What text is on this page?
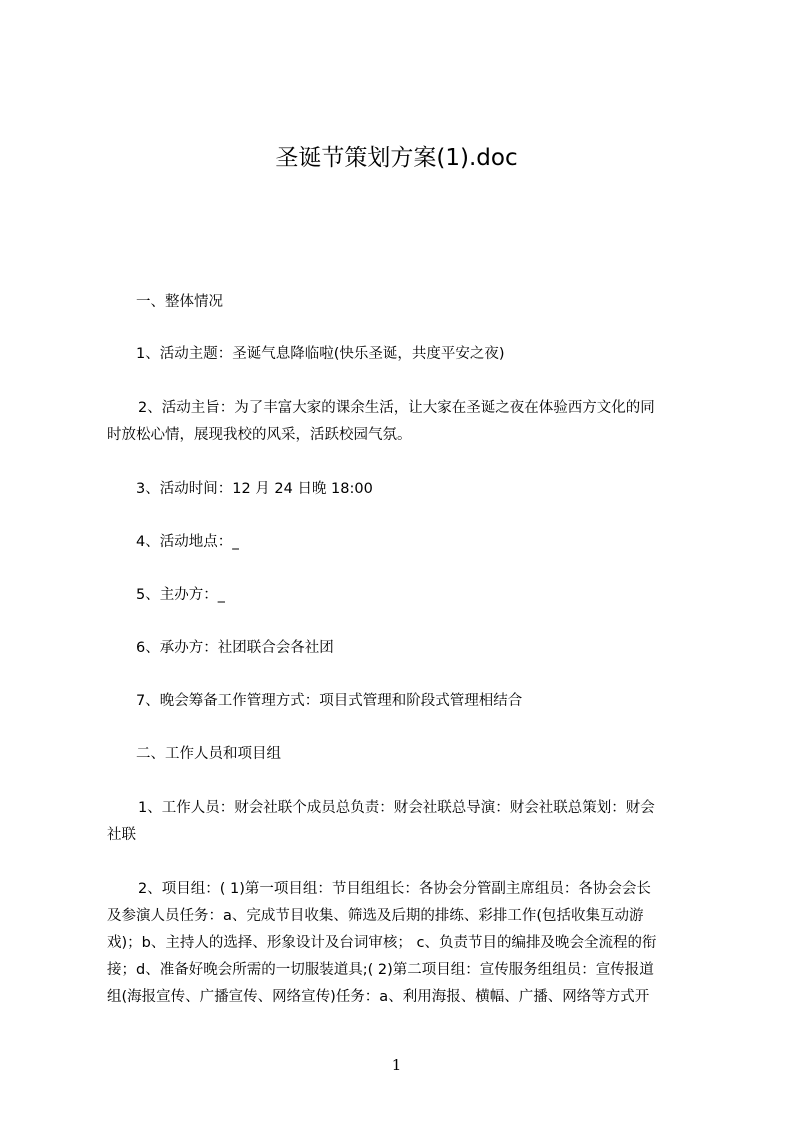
圣诞节策划方案(1).doc
一、整体情况
1、活动主题：圣诞气息降临啦(快乐圣诞，共度平安之夜)
2、活动主旨：为了丰富大家的课余生活，让大家在圣诞之夜在体验西方文化的同
时放松心情，展现我校的风采，活跃校园气氛。
3、活动时间：12 月 24 日晚 18:00
4、活动地点：_
5、主办方：_
6、承办方：社团联合会各社团
7、晚会筹备工作管理方式：项目式管理和阶段式管理相结合
二、工作人员和项目组
1、工作人员：财会社联个成员总负责：财会社联总导演：财会社联总策划：财会
社联
2、项目组：( 1)第一项目组：节目组组长：各协会分管副主席组员：各协会会长
及参演人员任务：a、完成节目收集、筛选及后期的排练、彩排工作(包括收集互动游
戏)；b、主持人的选择、形象设计及台词审核； c、负责节目的编排及晚会全流程的衔
接；d、准备好晚会所需的一切服装道具;( 2)第二项目组：宣传服务组组员：宣传报道
组(海报宣传、广播宣传、网络宣传)任务：a、利用海报、横幅、广播、网络等方式开
1
